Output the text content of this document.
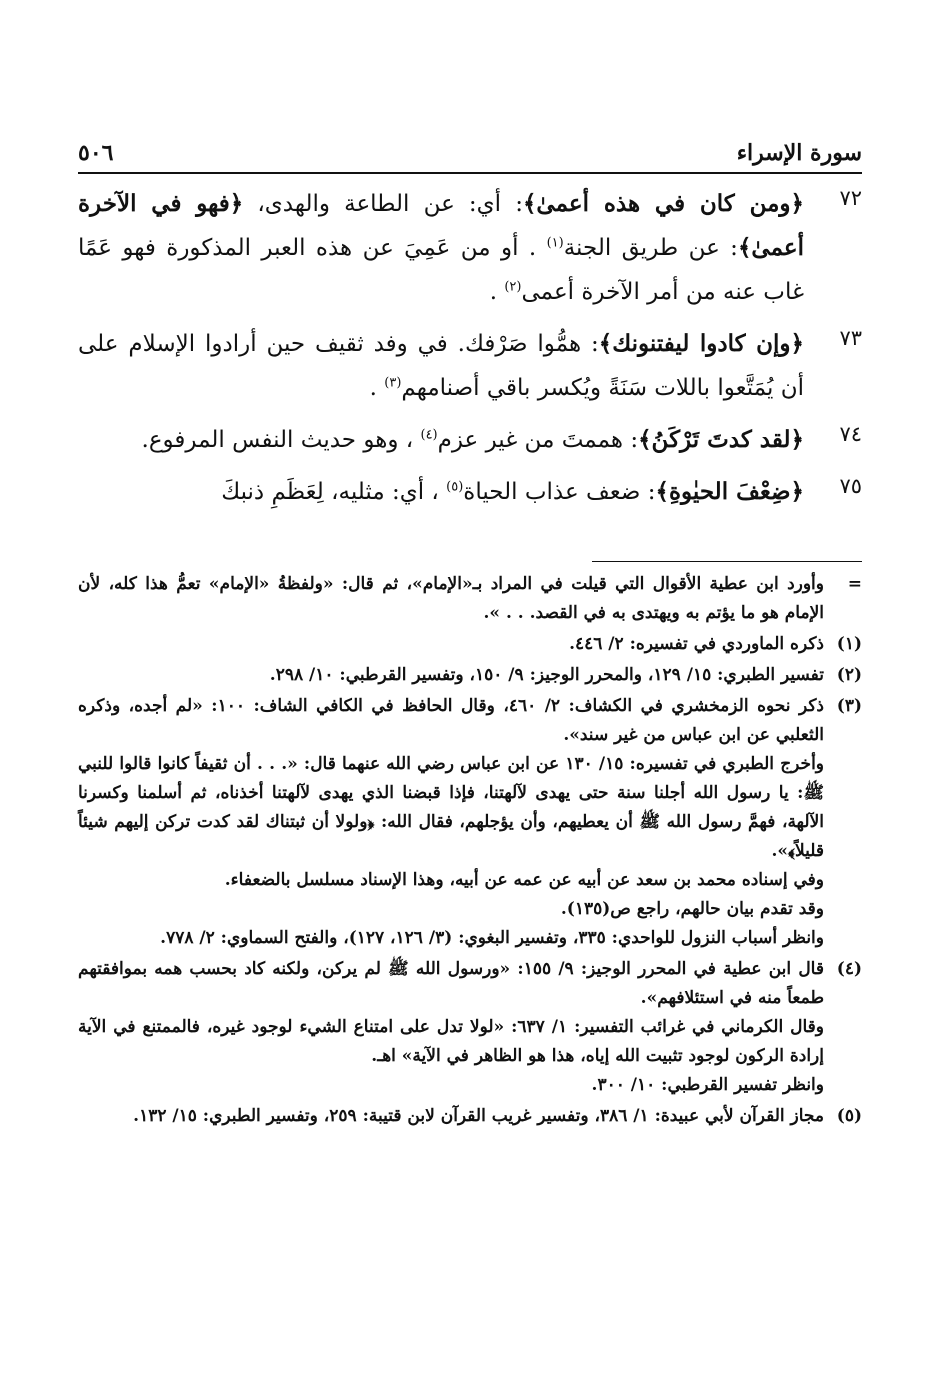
سورة الإسراء
٥٠٦
٧٢
﴿ومن كان في هذه أعمىٰ﴾: أي: عن الطاعة والهدى، ﴿فهو في الآخرة أعمىٰ﴾: عن طريق الجنة$^{(١)}$ . أو من عَمِيَ عن هذه العبر المذكورة فهو عَمًا غاب عنه من أمر الآخرة أعمى$^{(٢)}$ .
٧٣
﴿وإن كادوا ليفتنونك﴾: همُّوا صَرْفك. في وفد ثقيف حين أرادوا الإسلام على أن يُمَتَّعوا باللات سَنَةً ويُكسر باقي أصنامهم$^{(٣)}$ .
٧٤
﴿لقد كدتَ تَرْكَنُ﴾: هممتَ من غير عزم$^{(٤)}$ ، وهو حديث النفس المرفوع.
٧٥
﴿ضِعْفَ الحيٰوةِ﴾: ضعف عذاب الحياة$^{(٥)}$ ، أي: مثليه، لِعَظَمِ ذنبكَ
=

وأورد ابن عطية الأقوال التي قيلت في المراد بـ«الإمام»، ثم قال: «ولفظةُ «الإمام» تعمُّ هذا كله، لأن الإمام هو ما يؤتم به ويهتدى به في القصد. . . ».

(١)

ذكره الماوردي في تفسيره: ٢/ ٤٤٦.

(٢)

تفسير الطبري: ١٥/ ١٢٩، والمحرر الوجيز: ٩/ ١٥٠، وتفسير القرطبي: ١٠/ ٢٩٨.

(٣)

ذكر نحوه الزمخشري في الكشاف: ٢/ ٤٦٠، وقال الحافظ في الكافي الشاف: ١٠٠: «لم أجده، وذكره الثعلبي عن ابن عباس من غير سند».

وأخرج الطبري في تفسيره: ١٥/ ١٣٠ عن ابن عباس رضي الله عنهما قال: «. . . أن ثقيفاً كانوا قالوا للنبي ﷺ: يا رسول الله أجلنا سنة حتى يهدى لآلهتنا، فإذا قبضنا الذي يهدى لآلهتنا أخذناه، ثم أسلمنا وكسرنا الآلهة، فهمَّ رسول الله ﷺ أن يعطيهم، وأن يؤجلهم، فقال الله: ﴿ولولا أن ثبتناك لقد كدت تركن إليهم شيئاً قليلاً﴾».

وفي إسناده محمد بن سعد عن أبيه عن عمه عن أبيه، وهذا الإسناد مسلسل بالضعفاء.

وقد تقدم بيان حالهم، راجع ص(١٣٥).

وانظر أسباب النزول للواحدي: ٣٣٥، وتفسير البغوي: (٣/ ١٢٦، ١٢٧)، والفتح السماوي: ٢/ ٧٧٨.

(٤)

قال ابن عطية في المحرر الوجيز: ٩/ ١٥٥: «ورسول الله ﷺ لم يركن، ولكنه كاد بحسب همه بموافقتهم طمعاً منه في استئلافهم».

وقال الكرماني في غرائب التفسير: ١/ ٦٣٧: «لولا تدل على امتناع الشيء لوجود غيره، فالممتنع في الآية إرادة الركون لوجود تثبيت الله إياه، هذا هو الظاهر في الآية» اهـ.

وانظر تفسير القرطبي: ١٠/ ٣٠٠.

(٥)

مجاز القرآن لأبي عبيدة: ١/ ٣٨٦، وتفسير غريب القرآن لابن قتيبة: ٢٥٩، وتفسير الطبري: ١٥/ ١٣٢.
